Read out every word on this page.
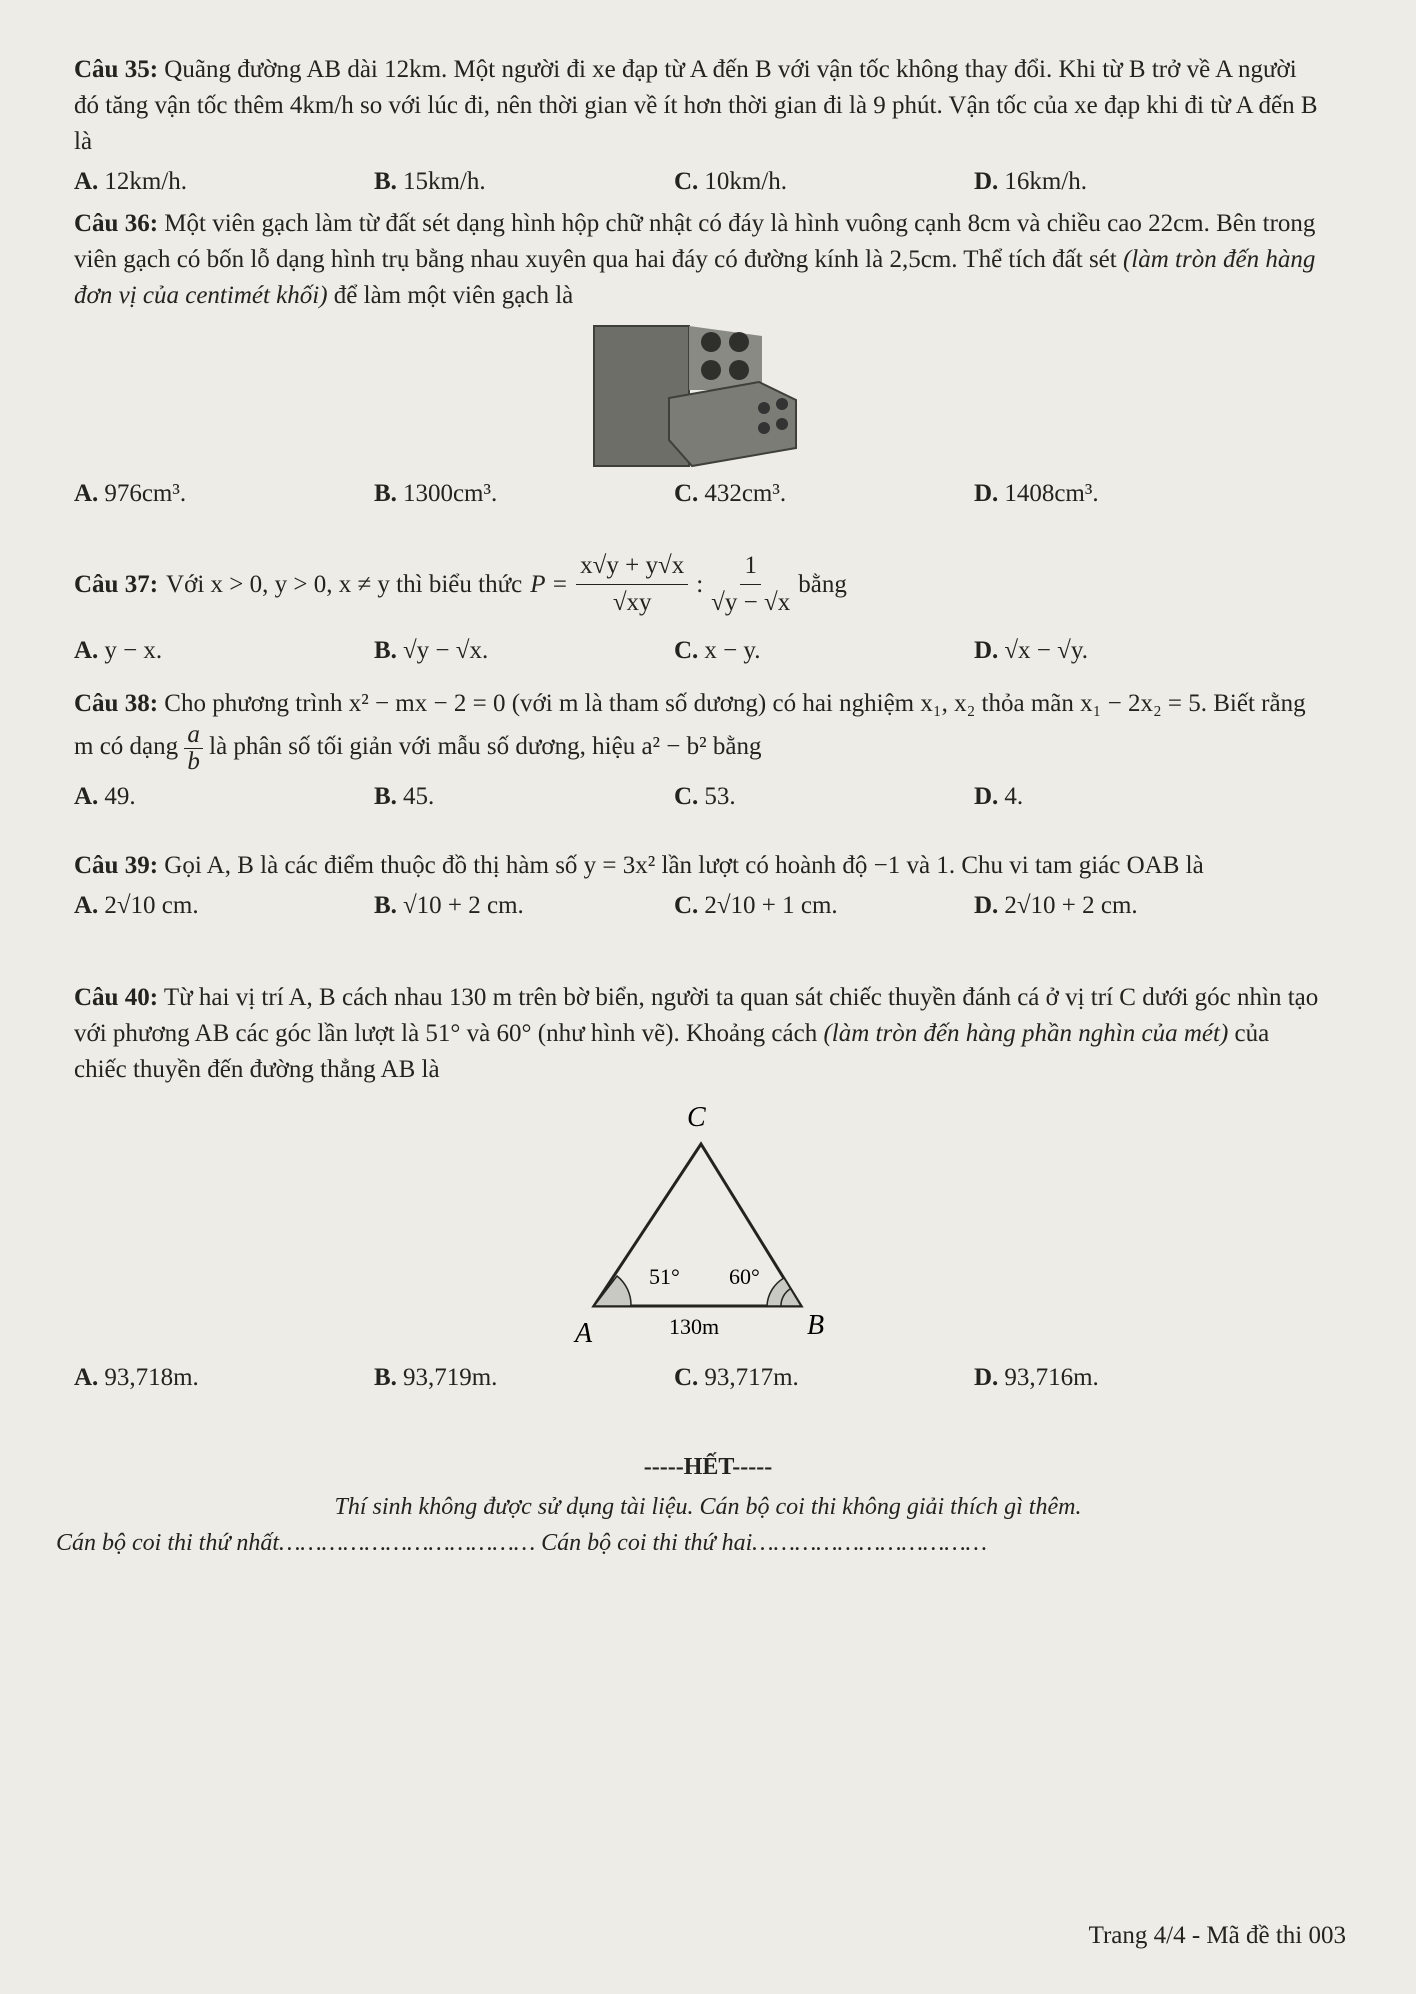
Câu 35: Quãng đường AB dài 12km. Một người đi xe đạp từ A đến B với vận tốc không thay đổi. Khi từ B trở về A người đó tăng vận tốc thêm 4km/h so với lúc đi, nên thời gian về ít hơn thời gian đi là 9 phút. Vận tốc của xe đạp khi đi từ A đến B là

A. 12km/h.	B. 15km/h.	C. 10km/h.	D. 16km/h.

Câu 36: Một viên gạch làm từ đất sét dạng hình hộp chữ nhật có đáy là hình vuông cạnh 8cm và chiều cao 22cm. Bên trong viên gạch có bốn lỗ dạng hình trụ bằng nhau xuyên qua hai đáy có đường kính là 2,5cm. Thể tích đất sét (làm tròn đến hàng đơn vị của centimét khối) để làm một viên gạch là

A. 976cm³.	B. 1300cm³.	C. 432cm³.	D. 1408cm³.

Câu 37: Với x > 0, y > 0, x ≠ y thì biểu thức $P = \frac{x√y + y√x}{√xy}$ :
1
√y − √x
bằng

A. y − x.	B. √y − √x.	C. x − y.	D. √x − √y.

Câu 38: Cho phương trình x² − mx − 2 = 0 (với m là tham số dương) có hai nghiệm x₁, x₂ thỏa mãn x₁ − 2x₂ = 5. Biết rằng m có dạng $\frac{a}{b}$ là phân số tối giản với mẫu số dương, hiệu a² − b² bằng

A. 49.	B. 45.	C. 53.	D. 4.

Câu 39: Gọi A, B là các điểm thuộc đồ thị hàm số y = 3x² lần lượt có hoành độ −1 và 1. Chu vi tam giác OAB là

A. 2√10 cm.	B. √10 + 2 cm.	C. 2√10 + 1 cm.	D. 2√10 + 2 cm.

Câu 40: Từ hai vị trí A, B cách nhau 130 m trên bờ biển, người ta quan sát chiếc thuyền đánh cá ở vị trí C dưới góc nhìn tạo với phương AB các góc lần lượt là 51° và 60° (như hình vẽ). Khoảng cách (làm tròn đến hàng phần nghìn của mét) của chiếc thuyền đến đường thẳng AB là

C
51° 60°
A	130m	B
A. 93,718m.	B. 93,719m.	C. 93,717m.	D. 93,716m.
-----HẾT-----
Thí sinh không được sử dụng tài liệu. Cán bộ coi thi không giải thích gì thêm.
Cán bộ coi thi thứ nhất……………………………… Cán bộ coi thi thứ hai……………………………
Trang 4/4 - Mã đề thi 003
